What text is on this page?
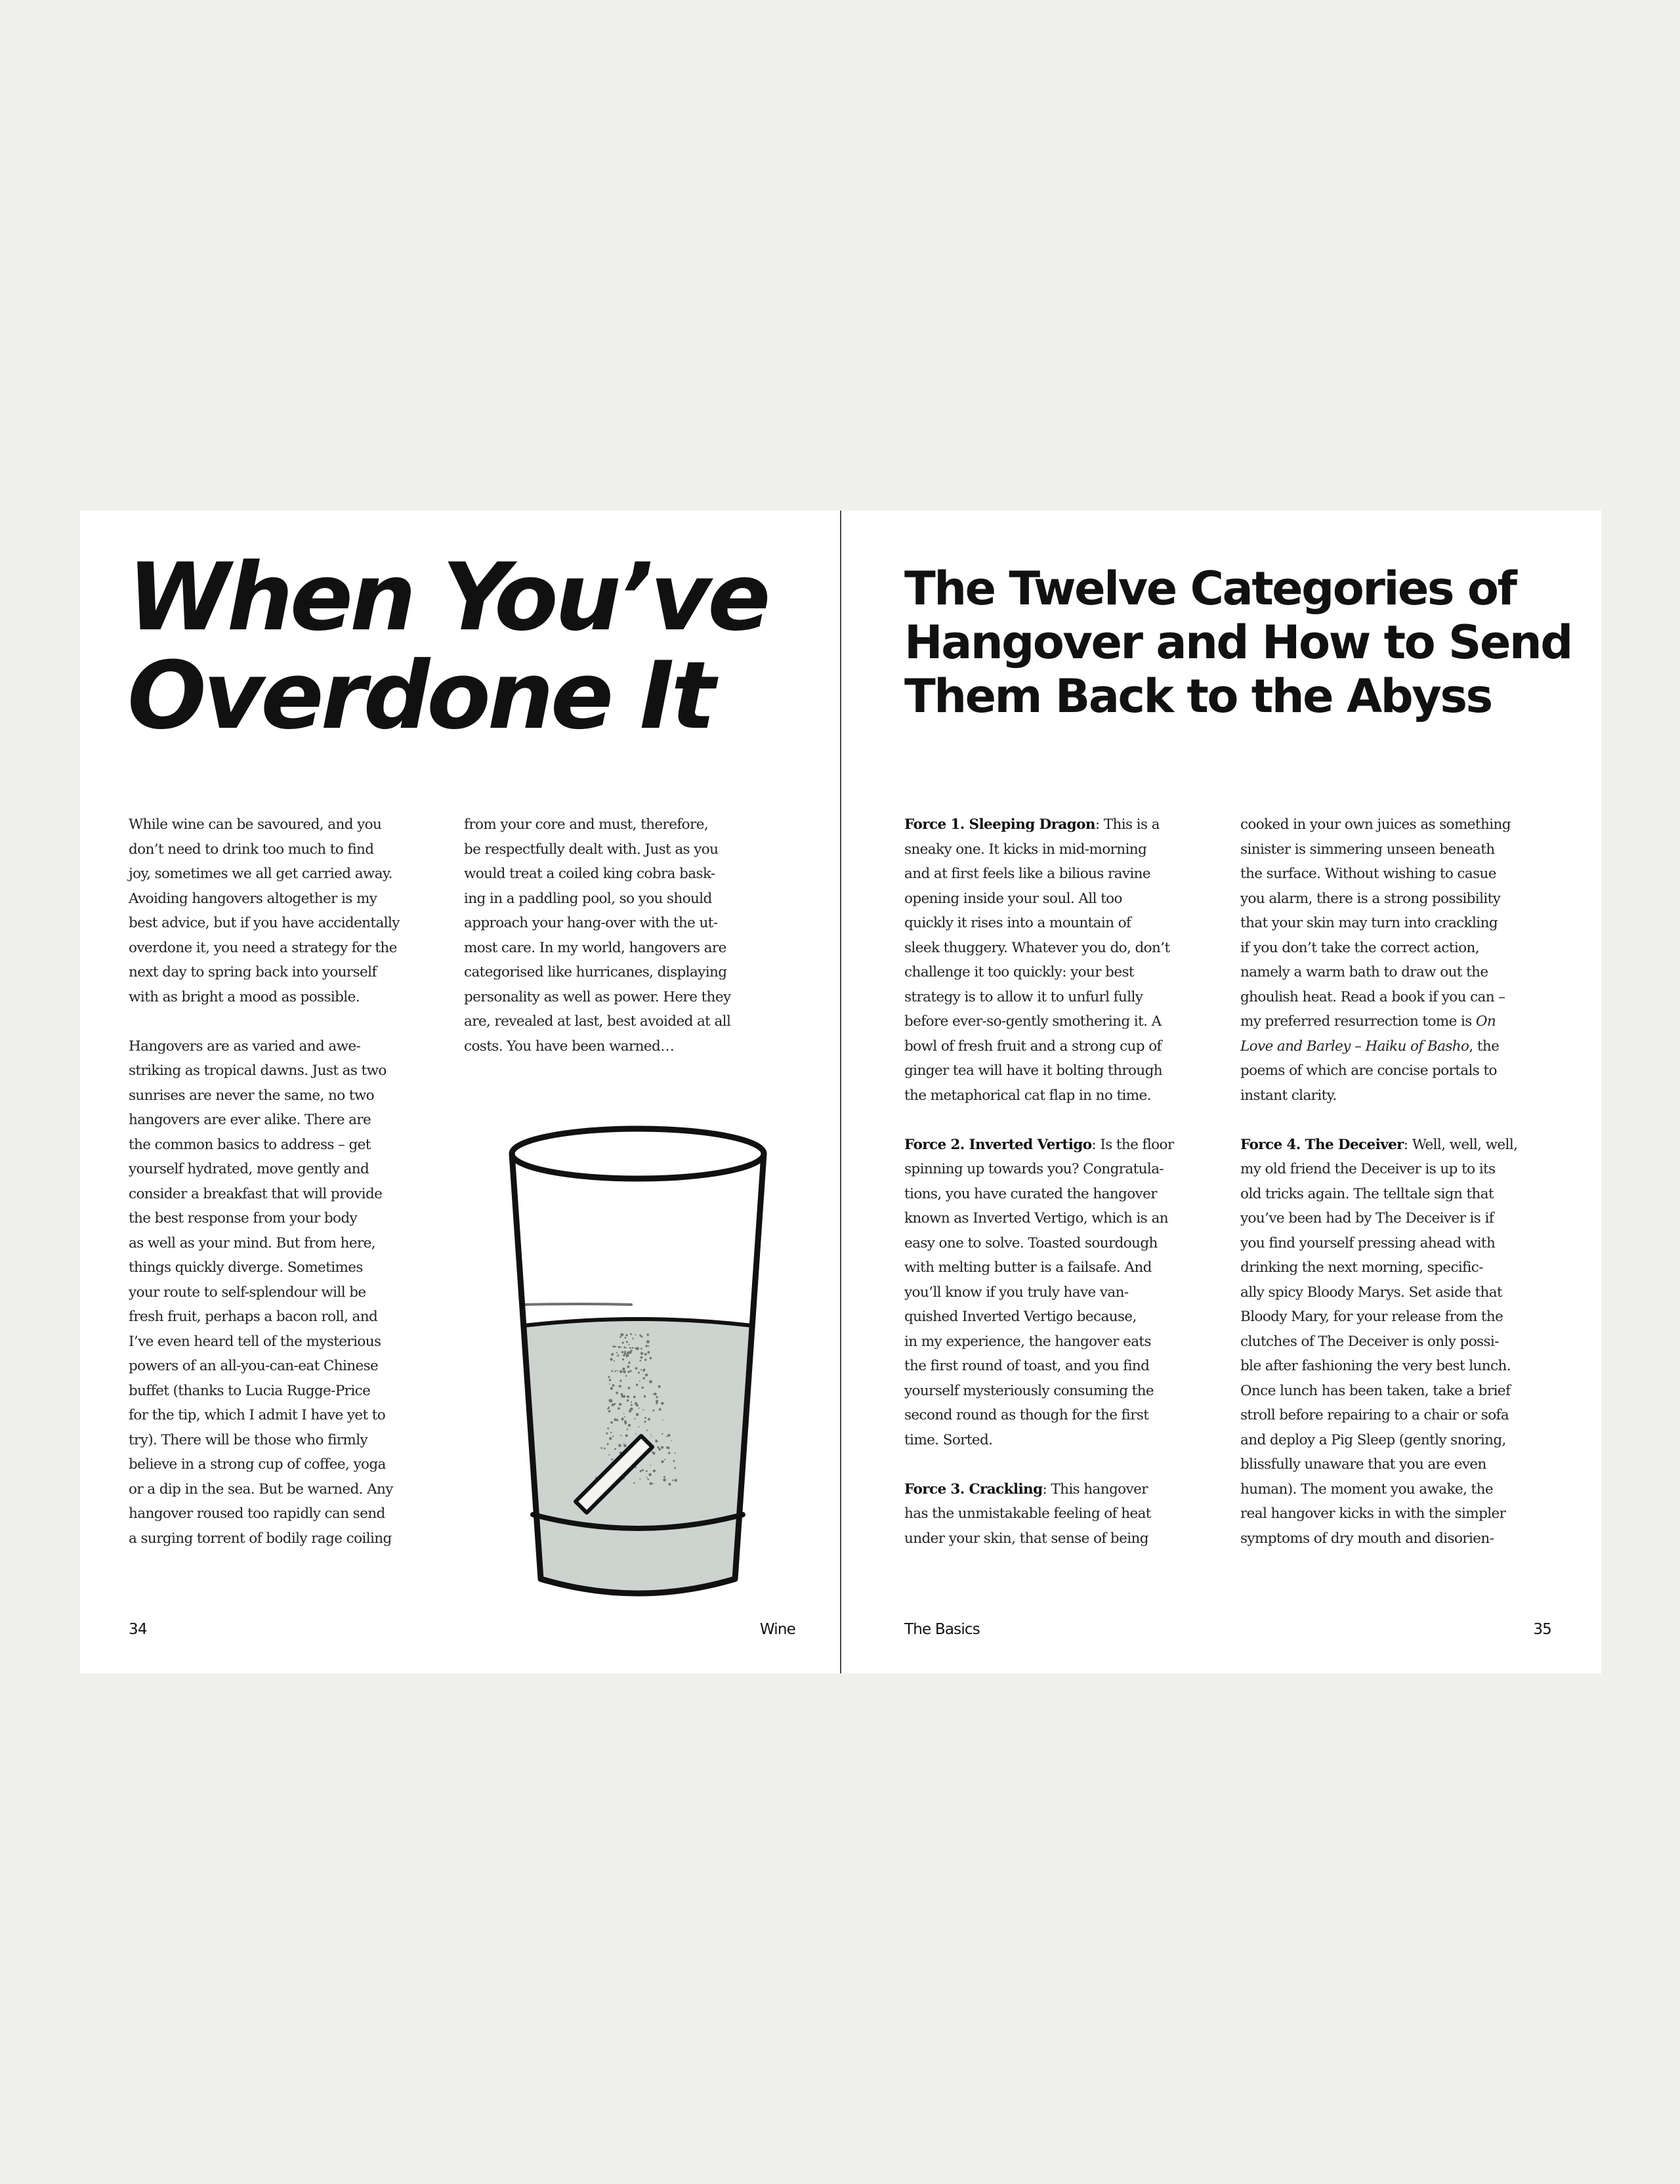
When You’ve
Overdone It

While wine can be savoured, and you
don’t need to drink too much to find
joy, sometimes we all get carried away.
Avoiding hangovers altogether is my
best advice, but if you have accidentally
overdone it, you need a strategy for the
next day to spring back into yourself
with as bright a mood as possible.

Hangovers are as varied and awe-
striking as tropical dawns. Just as two
sunrises are never the same, no two
hangovers are ever alike. There are
the common basics to address – get
yourself hydrated, move gently and
consider a breakfast that will provide
the best response from your body
as well as your mind. But from here,
things quickly diverge. Sometimes
your route to self-splendour will be
fresh fruit, perhaps a bacon roll, and
I’ve even heard tell of the mysterious
powers of an all-you-can-eat Chinese
buffet (thanks to Lucia Rugge-Price
for the tip, which I admit I have yet to
try). There will be those who firmly
believe in a strong cup of coffee, yoga
or a dip in the sea. But be warned. Any
hangover roused too rapidly can send
a surging torrent of bodily rage coiling

from your core and must, therefore,
be respectfully dealt with. Just as you
would treat a coiled king cobra bask-
ing in a paddling pool, so you should
approach your hang-over with the ut-
most care. In my world, hangovers are
categorised like hurricanes, displaying
personality as well as power. Here they
are, revealed at last, best avoided at all
costs. You have been warned…

34	Wine
The Twelve Categories of
Hangover and How to Send
Them Back to the Abyss

Force 1. Sleeping Dragon: This is a
sneaky one. It kicks in mid-morning
and at first feels like a bilious ravine
opening inside your soul. All too
quickly it rises into a mountain of
sleek thuggery. Whatever you do, don’t
challenge it too quickly: your best
strategy is to allow it to unfurl fully
before ever-so-gently smothering it. A
bowl of fresh fruit and a strong cup of
ginger tea will have it bolting through
the metaphorical cat flap in no time.

Force 2. Inverted Vertigo: Is the floor
spinning up towards you? Congratula-
tions, you have curated the hangover
known as Inverted Vertigo, which is an
easy one to solve. Toasted sourdough
with melting butter is a failsafe. And
you’ll know if you truly have van-
quished Inverted Vertigo because,
in my experience, the hangover eats
the first round of toast, and you find
yourself mysteriously consuming the
second round as though for the first
time. Sorted.

Force 3. Crackling: This hangover
has the unmistakable feeling of heat
under your skin, that sense of being

cooked in your own juices as something
sinister is simmering unseen beneath
the surface. Without wishing to casue
you alarm, there is a strong possibility
that your skin may turn into crackling
if you don’t take the correct action,
namely a warm bath to draw out the
ghoulish heat. Read a book if you can –
my preferred resurrection tome is On
Love and Barley – Haiku of Basho, the
poems of which are concise portals to
instant clarity.

Force 4. The Deceiver: Well, well, well,
my old friend the Deceiver is up to its
old tricks again. The telltale sign that
you’ve been had by The Deceiver is if
you find yourself pressing ahead with
drinking the next morning, specific-
ally spicy Bloody Marys. Set aside that
Bloody Mary, for your release from the
clutches of The Deceiver is only possi-
ble after fashioning the very best lunch.
Once lunch has been taken, take a brief
stroll before repairing to a chair or sofa
and deploy a Pig Sleep (gently snoring,
blissfully unaware that you are even
human). The moment you awake, the
real hangover kicks in with the simpler
symptoms of dry mouth and disorien-

The Basics	35
